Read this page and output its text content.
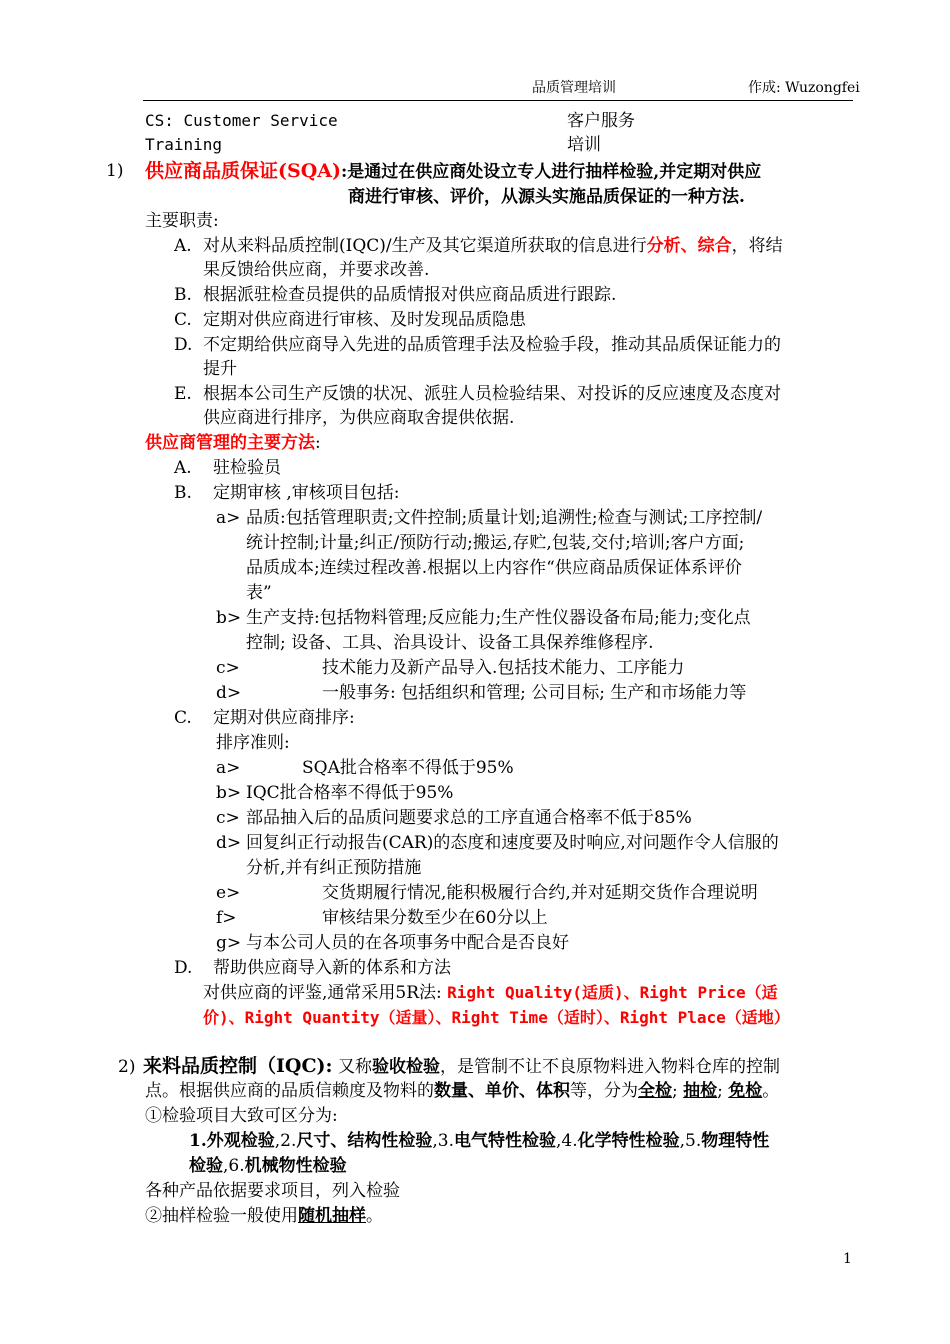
品质管理培训	作成: Wuzongfei
CS: Customer Service	客户服务
Training	培训
1) 供应商品质保证(SQA):是通过在供应商处设立专人进行抽样检验,并定期对供应
商进行审核、评价，从源头实施品质保证的一种方法.
主要职责:
A. 对从来料品质控制(IQC)/生产及其它渠道所获取的信息进行分析、综合，将结
果反馈给供应商，并要求改善.
B. 根据派驻检查员提供的品质情报对供应商品质进行跟踪.
C. 定期对供应商进行审核、及时发现品质隐患
D. 不定期给供应商导入先进的品质管理手法及检验手段，推动其品质保证能力的
提升
E. 根据本公司生产反馈的状况、派驻人员检验结果、对投诉的反应速度及态度对
供应商进行排序，为供应商取舍提供依据.
供应商管理的主要方法:
A. 驻检验员
B. 定期审核 ,审核项目包括:
a> 品质:包括管理职责;文件控制;质量计划;追溯性;检查与测试;工序控制/
统计控制;计量;纠正/预防行动;搬运,存贮,包装,交付;培训;客户方面;
品质成本;连续过程改善.根据以上内容作“供应商品质保证体系评价
表”
b> 生产支持:包括物料管理;反应能力;生产性仪器设备布局;能力;变化点
控制; 设备、工具、治具设计、设备工具保养维修程序.
c>	技术能力及新产品导入.包括技术能力、工序能力
d>	一般事务: 包括组织和管理; 公司目标; 生产和市场能力等
C. 定期对供应商排序:
排序准则:
a>	SQA批合格率不得低于95%
b> IQC批合格率不得低于95%
c> 部品抽入后的品质问题要求总的工序直通合格率不低于85%
d> 回复纠正行动报告(CAR)的态度和速度要及时响应,对问题作令人信服的
分析,并有纠正预防措施
e>	交货期履行情况,能积极履行合约,并对延期交货作合理说明
f>	审核结果分数至少在60分以上
g> 与本公司人员的在各项事务中配合是否良好
D. 帮助供应商导入新的体系和方法
对供应商的评鉴,通常采用5R法: Right Quality(适质)、Right Price（适
价)、Right Quantity（适量）、Right Time（适时）、Right Place（适地）
2) 来料品质控制（IQC): 又称验收检验，是管制不让不良原物料进入物料仓库的控制
点。根据供应商的品质信赖度及物料的数量、单价、体积等，分为全检; 抽检; 免检。
①检验项目大致可区分为:
1.外观检验,2.尺寸、结构性检验,3.电气特性检验,4.化学特性检验,5.物理特性
检验,6.机械物性检验
各种产品依据要求项目，列入检验
②抽样检验一般使用随机抽样。
1
